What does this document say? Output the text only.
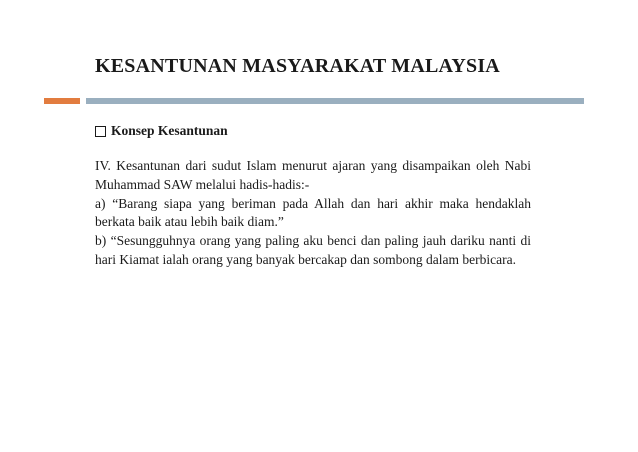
KESANTUNAN MASYARAKAT MALAYSIA
Konsep Kesantunan

IV. Kesantunan dari sudut Islam menurut ajaran yang disampaikan oleh Nabi Muhammad SAW melalui hadis-hadis:-

a) “Barang siapa yang beriman pada Allah dan hari akhir maka hendaklah berkata baik atau lebih baik diam.”

b) “Sesungguhnya orang yang paling aku benci dan paling jauh dariku nanti di hari Kiamat ialah orang yang banyak bercakap dan sombong dalam berbicara.
